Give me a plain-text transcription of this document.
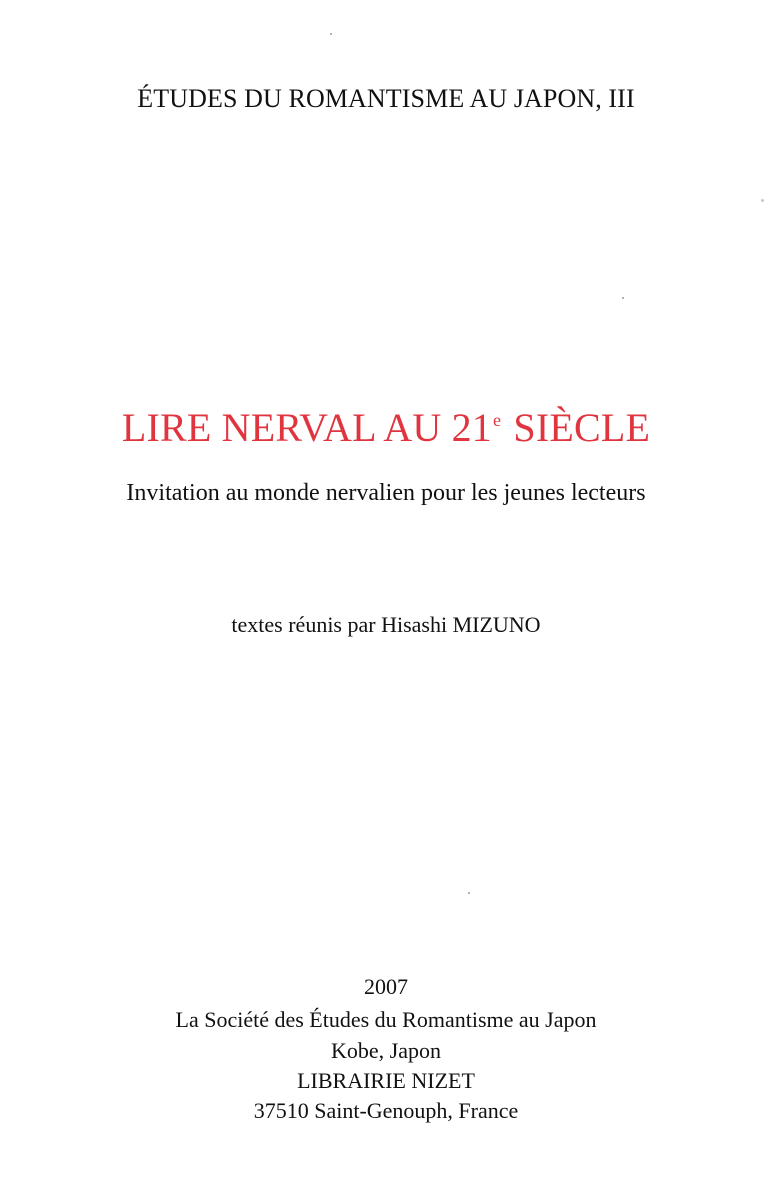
ÉTUDES DU ROMANTISME AU JAPON, III
LIRE NERVAL AU 21e SIÈCLE
Invitation au monde nervalien pour les jeunes lecteurs
textes réunis par Hisashi MIZUNO
2007
La Société des Études du Romantisme au Japon
Kobe, Japon
LIBRAIRIE NIZET
37510 Saint-Genouph, France
